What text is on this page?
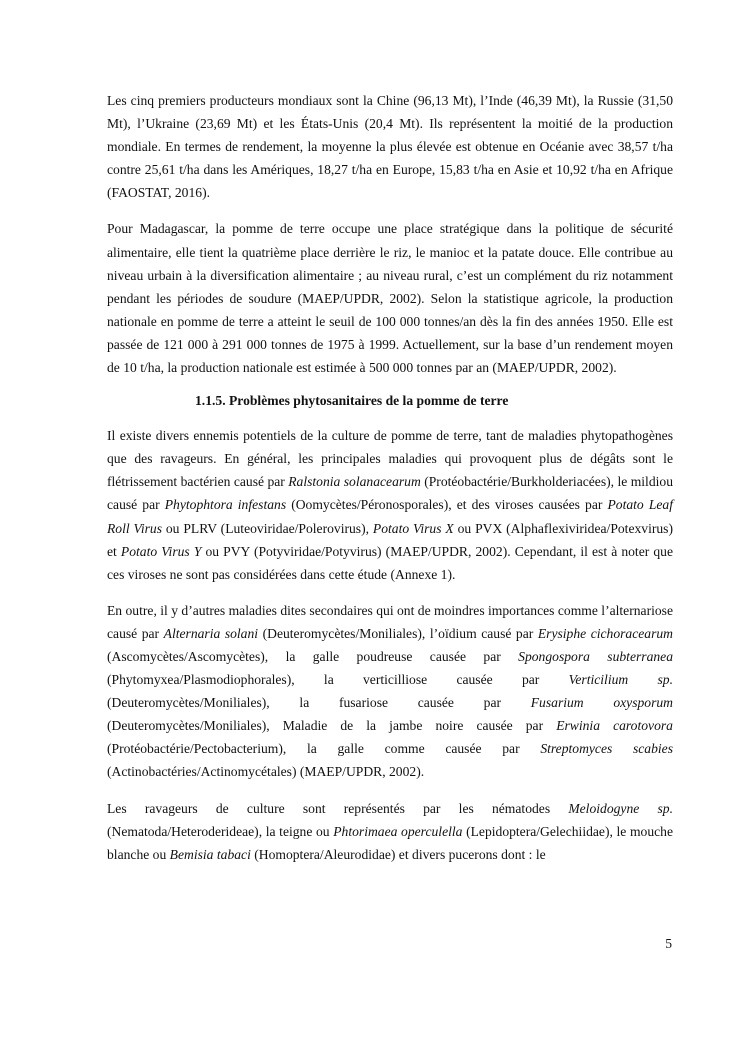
Les cinq premiers producteurs mondiaux sont la Chine (96,13 Mt), l’Inde (46,39 Mt), la Russie (31,50 Mt), l’Ukraine (23,69 Mt) et les États-Unis (20,4 Mt). Ils représentent la moitié de la production mondiale. En termes de rendement, la moyenne la plus élevée est obtenue en Océanie avec 38,57 t/ha contre 25,61 t/ha dans les Amériques, 18,27 t/ha en Europe, 15,83 t/ha en Asie et 10,92 t/ha en Afrique (FAOSTAT, 2016).

Pour Madagascar, la pomme de terre occupe une place stratégique dans la politique de sécurité alimentaire, elle tient la quatrième place derrière le riz, le manioc et la patate douce. Elle contribue au niveau urbain à la diversification alimentaire ; au niveau rural, c’est un complément du riz notamment pendant les périodes de soudure (MAEP/UPDR, 2002). Selon la statistique agricole, la production nationale en pomme de terre a atteint le seuil de 100 000 tonnes/an dès la fin des années 1950. Elle est passée de 121 000 à 291 000 tonnes de 1975 à 1999. Actuellement, sur la base d’un rendement moyen de 10 t/ha, la production nationale est estimée à 500 000 tonnes par an (MAEP/UPDR, 2002).

1.1.5. Problèmes phytosanitaires de la pomme de terre

Il existe divers ennemis potentiels de la culture de pomme de terre, tant de maladies phytopathogènes que des ravageurs. En général, les principales maladies qui provoquent plus de dégâts sont le flétrissement bactérien causé par Ralstonia solanacearum (Protéobactérie/Burkholderiacées), le mildiou causé par Phytophtora infestans (Oomycètes/Péronosporales), et des viroses causées par Potato Leaf Roll Virus ou PLRV (Luteoviridae/Polerovirus), Potato Virus X ou PVX (Alphaflexiviridea/Potexvirus) et Potato Virus Y ou PVY (Potyviridae/Potyvirus) (MAEP/UPDR, 2002). Cependant, il est à noter que ces viroses ne sont pas considérées dans cette étude (Annexe 1).

En outre, il y d’autres maladies dites secondaires qui ont de moindres importances comme l’alternariose causé par Alternaria solani (Deuteromycètes/Moniliales), l’oïdium causé par Erysiphe cichoracearum (Ascomycètes/Ascomycètes), la galle poudreuse causée par Spongospora subterranea (Phytomyxea/Plasmodiophorales), la verticilliose causée par Verticilium sp. (Deuteromycètes/Moniliales), la fusariose causée par Fusarium oxysporum (Deuteromycètes/Moniliales), Maladie de la jambe noire causée par Erwinia carotovora (Protéobactérie/Pectobacterium), la galle comme causée par Streptomyces scabies (Actinobactéries/Actinomycétales) (MAEP/UPDR, 2002).

Les ravageurs de culture sont représentés par les nématodes Meloidogyne sp. (Nematoda/Heteroderideae), la teigne ou Phtorimaea operculella (Lepidoptera/Gelechiidae), le mouche blanche ou Bemisia tabaci (Homoptera/Aleurodidae) et divers pucerons dont : le

5
